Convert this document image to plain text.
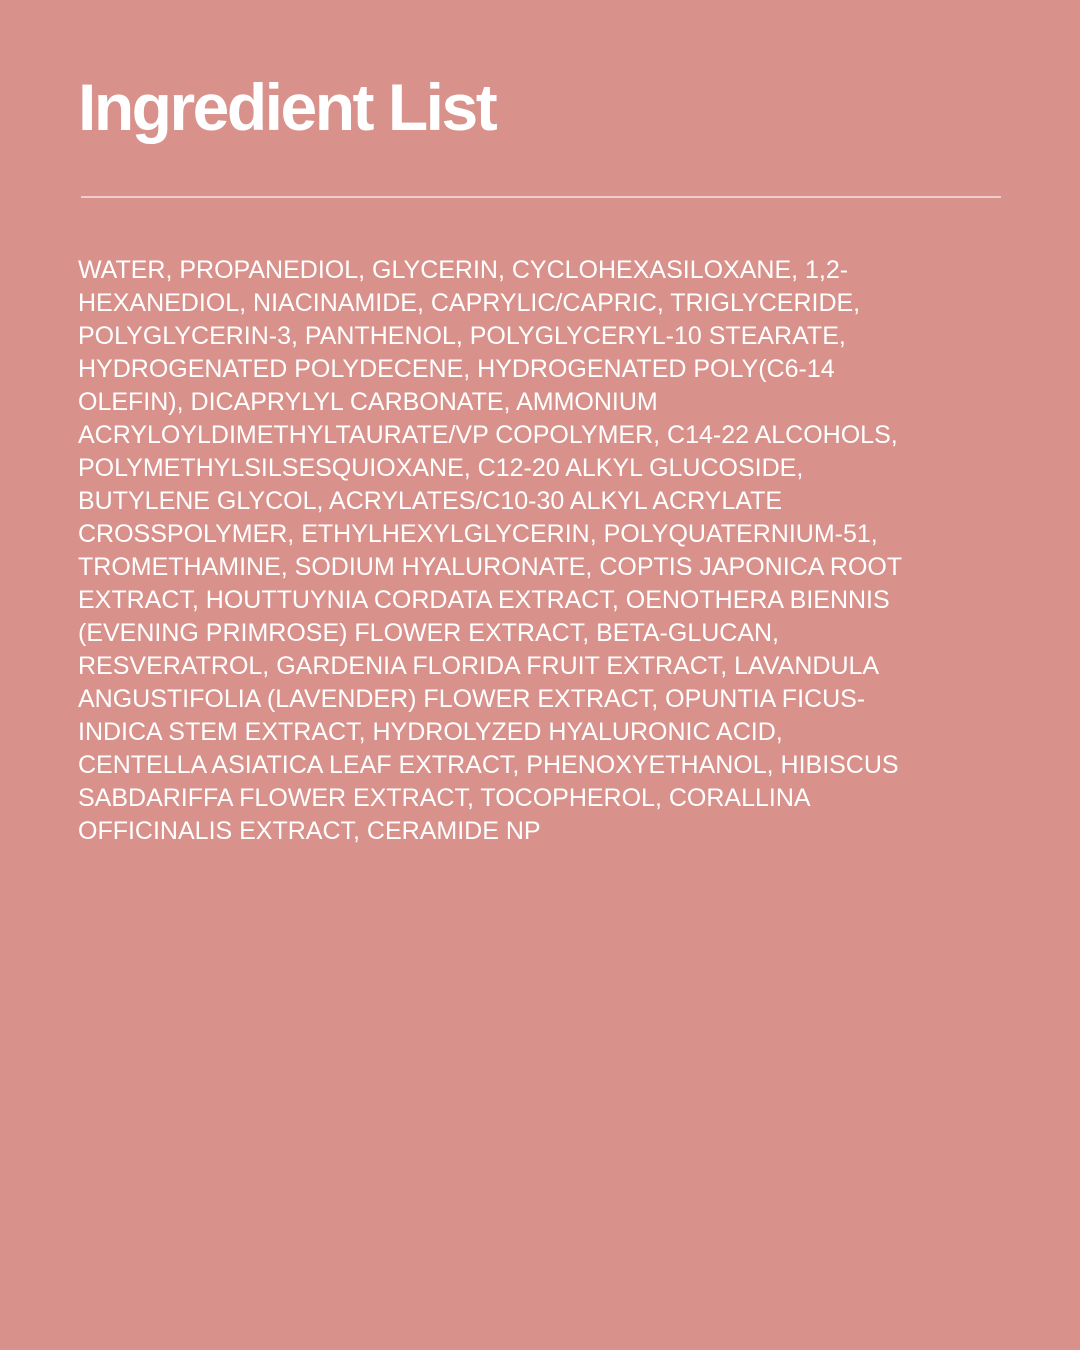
Ingredient List

WATER, PROPANEDIOL, GLYCERIN, CYCLOHEXASILOXANE, 1,2-
HEXANEDIOL, NIACINAMIDE, CAPRYLIC/CAPRIC, TRIGLYCERIDE,
POLYGLYCERIN-3, PANTHENOL, POLYGLYCERYL-10 STEARATE,
HYDROGENATED POLYDECENE, HYDROGENATED POLY(C6-14
OLEFIN), DICAPRYLYL CARBONATE, AMMONIUM
ACRYLOYLDIMETHYLTAURATE/VP COPOLYMER, C14-22 ALCOHOLS,
POLYMETHYLSILSESQUIOXANE, C12-20 ALKYL GLUCOSIDE,
BUTYLENE GLYCOL, ACRYLATES/C10-30 ALKYL ACRYLATE
CROSSPOLYMER, ETHYLHEXYLGLYCERIN, POLYQUATERNIUM-51,
TROMETHAMINE, SODIUM HYALURONATE, COPTIS JAPONICA ROOT
EXTRACT, HOUTTUYNIA CORDATA EXTRACT, OENOTHERA BIENNIS
(EVENING PRIMROSE) FLOWER EXTRACT, BETA-GLUCAN,
RESVERATROL, GARDENIA FLORIDA FRUIT EXTRACT, LAVANDULA
ANGUSTIFOLIA (LAVENDER) FLOWER EXTRACT, OPUNTIA FICUS-
INDICA STEM EXTRACT, HYDROLYZED HYALURONIC ACID,
CENTELLA ASIATICA LEAF EXTRACT, PHENOXYETHANOL, HIBISCUS
SABDARIFFA FLOWER EXTRACT, TOCOPHEROL, CORALLINA
OFFICINALIS EXTRACT, CERAMIDE NP
